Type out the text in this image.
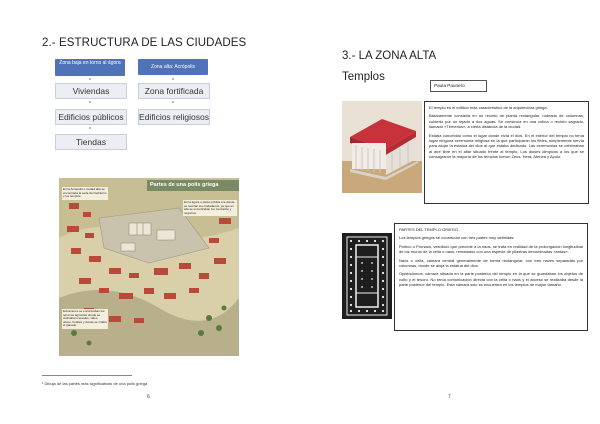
2.- ESTRUCTURA DE LAS CIUDADES
Zona baja en torno al ágora
Viviendas
Edificios públicos
Tiendas
Zona alta: Acrópolis
Zona fortificada
Edificios religiosos
Partes de una polis griega
En la Acrópolis o ciudad alta se encontraba la sede del Gobierno y los templos.
En la ágora o plaza pública era donde se reunían los ciudadanos, ya que en ella se encontraban los mercados y negocios.
Extramuros se encontraban los terrenos agrícolas donde se cultivaban cereales, vides, olivos, frutales y donde se criaba el ganado.
¹ Dibuja de las partes más significativas de una polis griega
6
3.- LA ZONA ALTA
Templos
Pauta Paunero

El templo es el edificio más característico de la arquitectura griega.

Básicamente consistía en un recinto de planta rectangular, rodeado de columnas, cubierto por un tejado a dos aguas. Se construía en una colina o recinto sagrado, llamado «Témenos», a cierta distancia de la ciudad.

Estaba concebido como el lugar donde vivía el dios. En el interior del templo no tenía lugar ninguna ceremonia religiosa en la que participaran los fieles, simplemente servía para alojar la estatua del dios al que estaba dedicado. Las ceremonias se celebraban al aire libre en el altar situado frente al templo. Los dioses dimpicos a los que se consagraron la mayoría de los templos fueron Zeus, Hera, Atenea y Apolo.

PARTES DEL TEMPLO GRIEGO

Los templos griegos se construían con tres partes muy definidas:

Pórtico o Pronaos, vestíbulo que precede a la naos, se trata en realidad de la prolongación longitudinal de los muros de la cella o naos, rematados con una especie de pilastras denominadas «antas».

Naos o cella, cámara central generalmente de forma rectangular, con tres naves separadas por columnas, donde se aloja la estatua del dios.

Opistódomos, cámara situada en la parte posterior del templo en la que se guardaban los objetos de culto y el tesoro. No tenía comunicación directa con la cella o naos y el acceso se realizaba desde la parte posterior del templo. Esta cámara solo se encuentra en los templos de mayor tamaño.

7
